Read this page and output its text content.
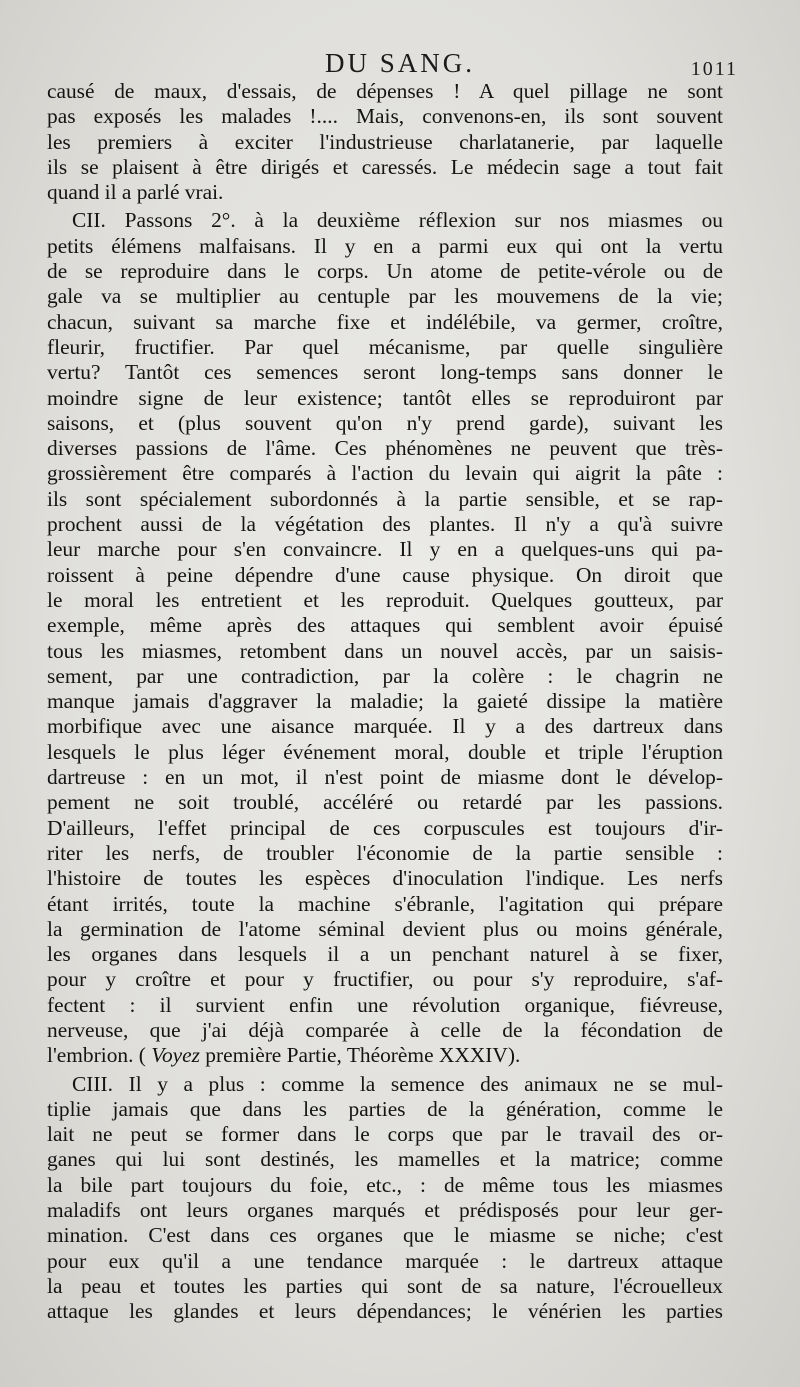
DU SANG.	1011
causé de maux, d'essais, de dépenses ! A quel pillage ne sont
pas exposés les malades !.... Mais, convenons-en, ils sont souvent
les premiers à exciter l'industrieuse charlatanerie, par laquelle
ils se plaisent à être dirigés et caressés. Le médecin sage a tout fait
quand il a parlé vrai.
CII. Passons 2°. à la deuxième réflexion sur nos miasmes ou
petits élémens malfaisans. Il y en a parmi eux qui ont la vertu
de se reproduire dans le corps. Un atome de petite-vérole ou de
gale va se multiplier au centuple par les mouvemens de la vie;
chacun, suivant sa marche fixe et indélébile, va germer, croître,
fleurir, fructifier. Par quel mécanisme, par quelle singulière
vertu? Tantôt ces semences seront long-temps sans donner le
moindre signe de leur existence; tantôt elles se reproduiront par
saisons, et (plus souvent qu'on n'y prend garde), suivant les
diverses passions de l'âme. Ces phénomènes ne peuvent que très-
grossièrement être comparés à l'action du levain qui aigrit la pâte :
ils sont spécialement subordonnés à la partie sensible, et se rap-
prochent aussi de la végétation des plantes. Il n'y a qu'à suivre
leur marche pour s'en convaincre. Il y en a quelques-uns qui pa-
roissent à peine dépendre d'une cause physique. On diroit que
le moral les entretient et les reproduit. Quelques goutteux, par
exemple, même après des attaques qui semblent avoir épuisé
tous les miasmes, retombent dans un nouvel accès, par un saisis-
sement, par une contradiction, par la colère : le chagrin ne
manque jamais d'aggraver la maladie; la gaieté dissipe la matière
morbifique avec une aisance marquée. Il y a des dartreux dans
lesquels le plus léger événement moral, double et triple l'éruption
dartreuse : en un mot, il n'est point de miasme dont le dévelop-
pement ne soit troublé, accéléré ou retardé par les passions.
D'ailleurs, l'effet principal de ces corpuscules est toujours d'ir-
riter les nerfs, de troubler l'économie de la partie sensible :
l'histoire de toutes les espèces d'inoculation l'indique. Les nerfs
étant irrités, toute la machine s'ébranle, l'agitation qui prépare
la germination de l'atome séminal devient plus ou moins générale,
les organes dans lesquels il a un penchant naturel à se fixer,
pour y croître et pour y fructifier, ou pour s'y reproduire, s'af-
fectent : il survient enfin une révolution organique, fiévreuse,
nerveuse, que j'ai déjà comparée à celle de la fécondation de
l'embrion. ( Voyez première Partie, Théorème XXXIV).
CIII. Il y a plus : comme la semence des animaux ne se mul-
tiplie jamais que dans les parties de la génération, comme le
lait ne peut se former dans le corps que par le travail des or-
ganes qui lui sont destinés, les mamelles et la matrice; comme
la bile part toujours du foie, etc., : de même tous les miasmes
maladifs ont leurs organes marqués et prédisposés pour leur ger-
mination. C'est dans ces organes que le miasme se niche; c'est
pour eux qu'il a une tendance marquée : le dartreux attaque
la peau et toutes les parties qui sont de sa nature, l'écrouelleux
attaque les glandes et leurs dépendances; le vénérien les parties
